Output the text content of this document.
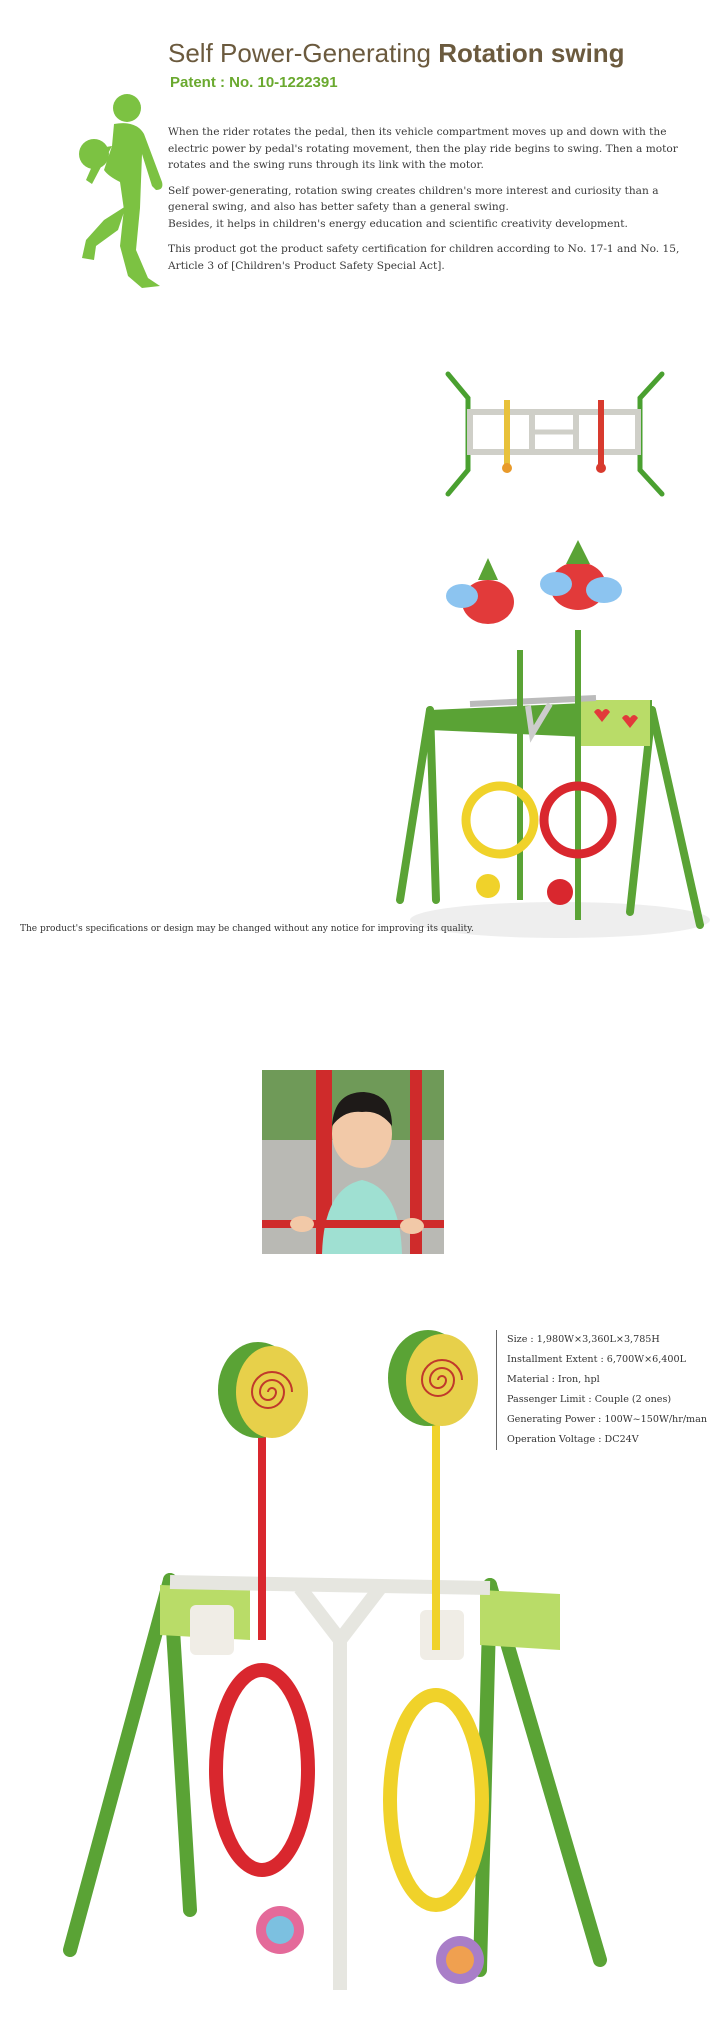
Self Power-Generating Rotation swing
Patent : No. 10-1222391

When the rider rotates the pedal, then its vehicle compartment moves up and down with the electric power by pedal's rotating movement, then the play ride begins to swing. Then a motor rotates and the swing runs through its link with the motor.

Self power-generating, rotation swing creates children's more interest and curiosity than a general swing, and also has better safety than a general swing.
Besides, it helps in children's energy education and scientific creativity development.

This product got the product safety certification for children according to No. 17-1 and No. 15, Article 3 of [Children's Product Safety Special Act].

The product's specifications or design may be changed without any notice for improving its quality.
Size : 1,980W×3,360L×3,785H
Installment Extent : 6,700W×6,400L
Material : Iron, hpl
Passenger Limit : Couple (2 ones)
Generating Power : 100W~150W/hr/man
Operation Voltage : DC24V
